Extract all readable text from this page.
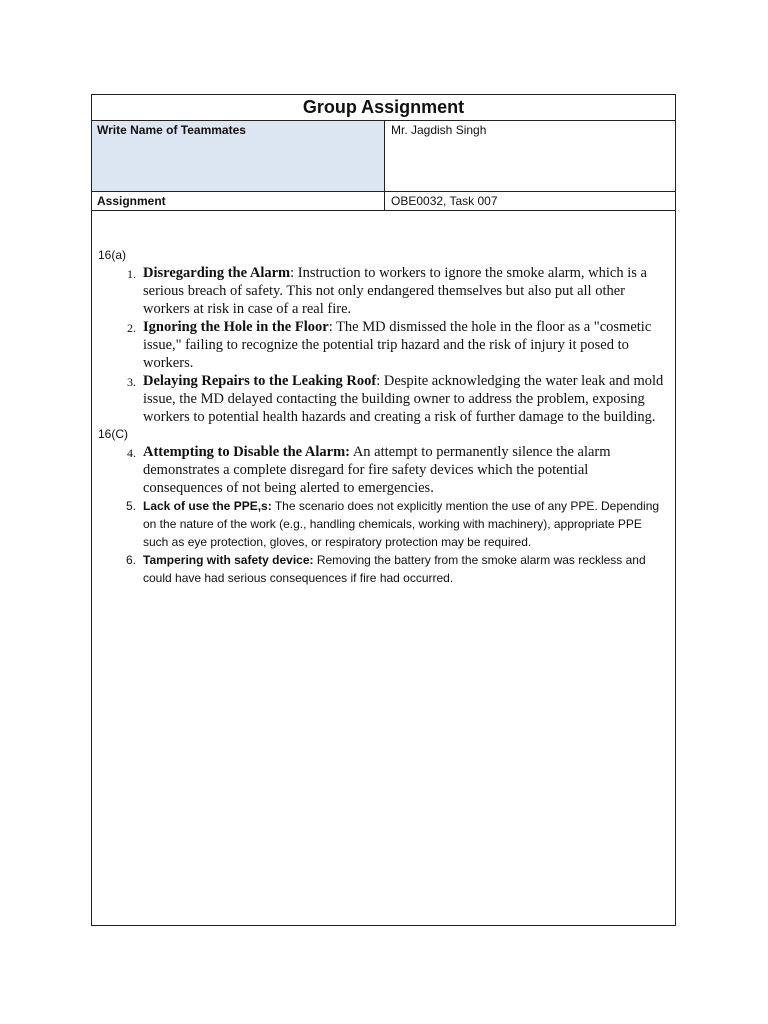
Group Assignment
Write Name of Teammates	Mr. Jagdish Singh
Assignment	OBE0032, Task 007
16(a)
1. Disregarding the Alarm: Instruction to workers to ignore the smoke alarm, which is a serious breach of safety. This not only endangered themselves but also put all other workers at risk in case of a real fire.
2. Ignoring the Hole in the Floor: The MD dismissed the hole in the floor as a "cosmetic issue," failing to recognize the potential trip hazard and the risk of injury it posed to workers.
3. Delaying Repairs to the Leaking Roof: Despite acknowledging the water leak and mold issue, the MD delayed contacting the building owner to address the problem, exposing workers to potential health hazards and creating a risk of further damage to the building.
16(C)
4. Attempting to Disable the Alarm: An attempt to permanently silence the alarm demonstrates a complete disregard for fire safety devices which the potential consequences of not being alerted to emergencies.
5. Lack of use the PPE,s: The scenario does not explicitly mention the use of any PPE. Depending on the nature of the work (e.g., handling chemicals, working with machinery), appropriate PPE such as eye protection, gloves, or respiratory protection may be required.
6. Tampering with safety device: Removing the battery from the smoke alarm was reckless and could have had serious consequences if fire had occurred.
